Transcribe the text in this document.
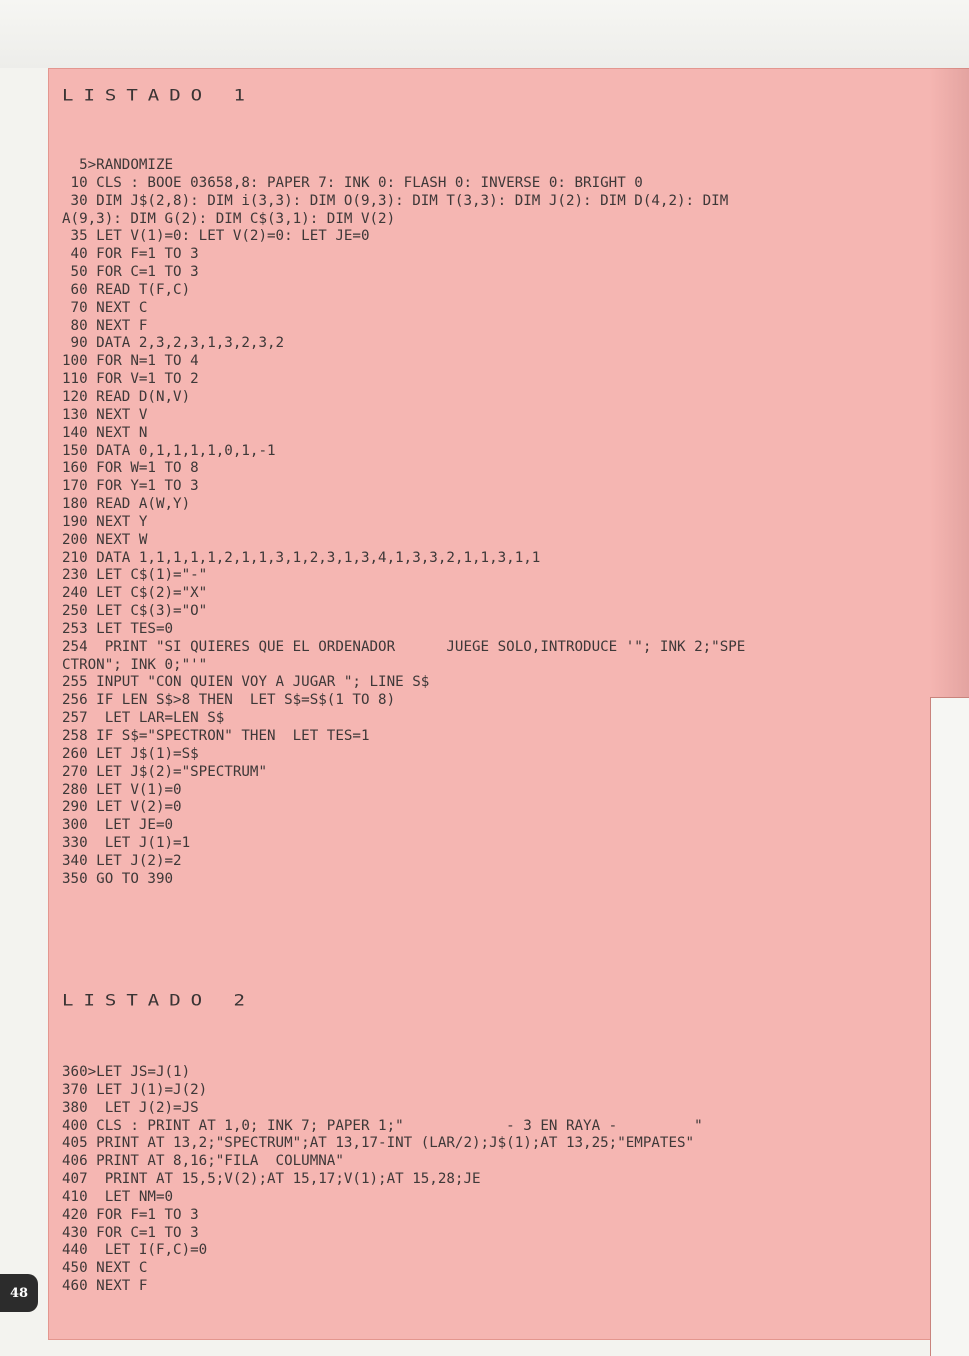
LISTADO 1
5>RANDOMIZE
10 CLS : BOOE 03658,8: PAPER 7: INK 0: FLASH 0: INVERSE 0: BRIGHT 0
30 DIM J$(2,8): DIM i(3,3): DIM O(9,3): DIM T(3,3): DIM J(2): DIM D(4,2): DIM
A(9,3): DIM G(2): DIM C$(3,1): DIM V(2)
35 LET V(1)=0: LET V(2)=0: LET JE=0
40 FOR F=1 TO 3
50 FOR C=1 TO 3
60 READ T(F,C)
70 NEXT C
80 NEXT F
90 DATA 2,3,2,3,1,3,2,3,2
100 FOR N=1 TO 4
110 FOR V=1 TO 2
120 READ D(N,V)
130 NEXT V
140 NEXT N
150 DATA 0,1,1,1,1,0,1,-1
160 FOR W=1 TO 8
170 FOR Y=1 TO 3
180 READ A(W,Y)
190 NEXT Y
200 NEXT W
210 DATA 1,1,1,1,1,2,1,1,3,1,2,3,1,3,4,1,3,3,2,1,1,3,1,1
230 LET C$(1)="-"
240 LET C$(2)="X"
250 LET C$(3)="O"
253 LET TES=0
254  PRINT "SI QUIERES QUE EL ORDENADOR      JUEGE SOLO,INTRODUCE '"; INK 2;"SPE
CTRON"; INK 0;"'"
255 INPUT "CON QUIEN VOY A JUGAR "; LINE S$
256 IF LEN S$>8 THEN  LET S$=S$(1 TO 8)
257  LET LAR=LEN S$
258 IF S$="SPECTRON" THEN  LET TES=1
260 LET J$(1)=S$
270 LET J$(2)="SPECTRUM"
280 LET V(1)=0
290 LET V(2)=0
300  LET JE=0
330  LET J(1)=1
340 LET J(2)=2
350 GO TO 390
LISTADO 2
360>LET JS=J(1)
370 LET J(1)=J(2)
380  LET J(2)=JS
400 CLS : PRINT AT 1,0; INK 7; PAPER 1;"            - 3 EN RAYA -         "
405 PRINT AT 13,2;"SPECTRUM";AT 13,17-INT (LAR/2);J$(1);AT 13,25;"EMPATES"
406 PRINT AT 8,16;"FILA  COLUMNA"
407  PRINT AT 15,5;V(2);AT 15,17;V(1);AT 15,28;JE
410  LET NM=0
420 FOR F=1 TO 3
430 FOR C=1 TO 3
440  LET I(F,C)=0
450 NEXT C
460 NEXT F
48
